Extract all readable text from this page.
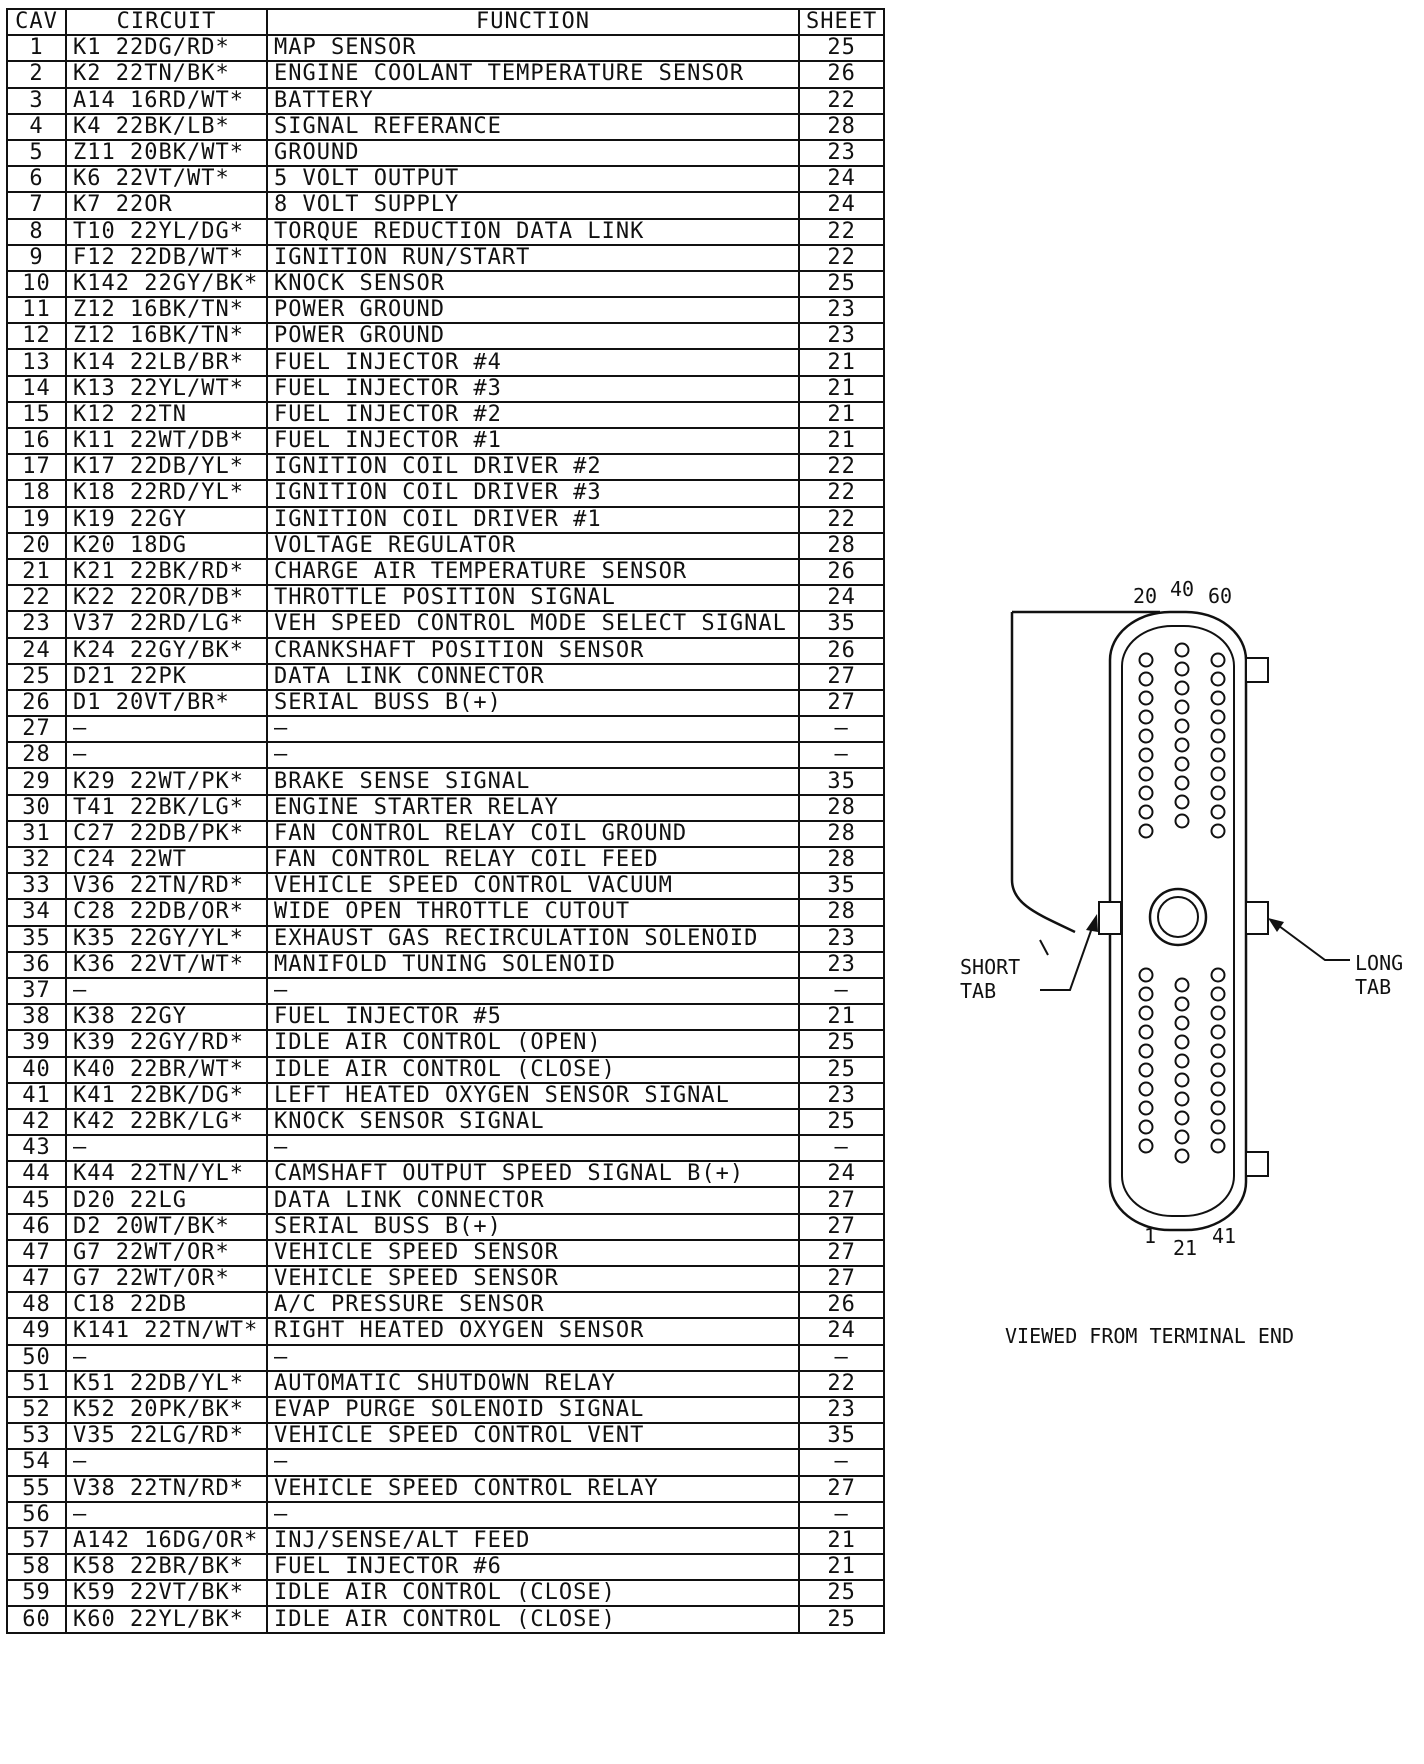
CAV	CIRCUIT	FUNCTION	SHEET
1	K1 22DG/RD*	MAP SENSOR	25
2	K2 22TN/BK*	ENGINE COOLANT TEMPERATURE SENSOR	26
3	A14 16RD/WT*	BATTERY	22
4	K4 22BK/LB*	SIGNAL REFERANCE	28
5	Z11 20BK/WT*	GROUND	23
6	K6 22VT/WT*	5 VOLT OUTPUT	24
7	K7 22OR	8 VOLT SUPPLY	24
8	T10 22YL/DG*	TORQUE REDUCTION DATA LINK	22
9	F12 22DB/WT*	IGNITION RUN/START	22
10	K142 22GY/BK*	KNOCK SENSOR	25
11	Z12 16BK/TN*	POWER GROUND	23
12	Z12 16BK/TN*	POWER GROUND	23
13	K14 22LB/BR*	FUEL INJECTOR #4	21
14	K13 22YL/WT*	FUEL INJECTOR #3	21
15	K12 22TN	FUEL INJECTOR #2	21
16	K11 22WT/DB*	FUEL INJECTOR #1	21
17	K17 22DB/YL*	IGNITION COIL DRIVER #2	22
18	K18 22RD/YL*	IGNITION COIL DRIVER #3	22
19	K19 22GY	IGNITION COIL DRIVER #1	22
20	K20 18DG	VOLTAGE REGULATOR	28
21	K21 22BK/RD*	CHARGE AIR TEMPERATURE SENSOR	26
22	K22 22OR/DB*	THROTTLE POSITION SIGNAL	24
23	V37 22RD/LG*	VEH SPEED CONTROL MODE SELECT SIGNAL	35
24	K24 22GY/BK*	CRANKSHAFT POSITION SENSOR	26
25	D21 22PK	DATA LINK CONNECTOR	27
26	D1 20VT/BR*	SERIAL BUSS B(+)	27
27	—	—	—
28	—	—	—
29	K29 22WT/PK*	BRAKE SENSE SIGNAL	35
30	T41 22BK/LG*	ENGINE STARTER RELAY	28
31	C27 22DB/PK*	FAN CONTROL RELAY COIL GROUND	28
32	C24 22WT	FAN CONTROL RELAY COIL FEED	28
33	V36 22TN/RD*	VEHICLE SPEED CONTROL VACUUM	35
34	C28 22DB/OR*	WIDE OPEN THROTTLE CUTOUT	28
35	K35 22GY/YL*	EXHAUST GAS RECIRCULATION SOLENOID	23
36	K36 22VT/WT*	MANIFOLD TUNING SOLENOID	23
37	—	—	—
38	K38 22GY	FUEL INJECTOR #5	21
39	K39 22GY/RD*	IDLE AIR CONTROL (OPEN)	25
40	K40 22BR/WT*	IDLE AIR CONTROL (CLOSE)	25
41	K41 22BK/DG*	LEFT HEATED OXYGEN SENSOR SIGNAL	23
42	K42 22BK/LG*	KNOCK SENSOR SIGNAL	25
43	—	—	—
44	K44 22TN/YL*	CAMSHAFT OUTPUT SPEED SIGNAL B(+)	24
45	D20 22LG	DATA LINK CONNECTOR	27
46	D2 20WT/BK*	SERIAL BUSS B(+)	27
47	G7 22WT/OR*	VEHICLE SPEED SENSOR	27
47	G7 22WT/OR*	VEHICLE SPEED SENSOR	27
48	C18 22DB	A/C PRESSURE SENSOR	26
49	K141 22TN/WT*	RIGHT HEATED OXYGEN SENSOR	24
50	—	—	—
51	K51 22DB/YL*	AUTOMATIC SHUTDOWN RELAY	22
52	K52 20PK/BK*	EVAP PURGE SOLENOID SIGNAL	23
53	V35 22LG/RD*	VEHICLE SPEED CONTROL VENT	35
54	—	—	—
55	V38 22TN/RD*	VEHICLE SPEED CONTROL RELAY	27
56	—	—	—
57	A142 16DG/OR*	INJ/SENSE/ALT FEED	21
58	K58 22BR/BK*	FUEL INJECTOR #6	21
59	K59 22VT/BK*	IDLE AIR CONTROL (CLOSE)	25
60	K60 22YL/BK*	IDLE AIR CONTROL (CLOSE)	25
20 40 60
1 21 41
SHORT
TAB
LONG
TAB
VIEWED FROM TERMINAL END
